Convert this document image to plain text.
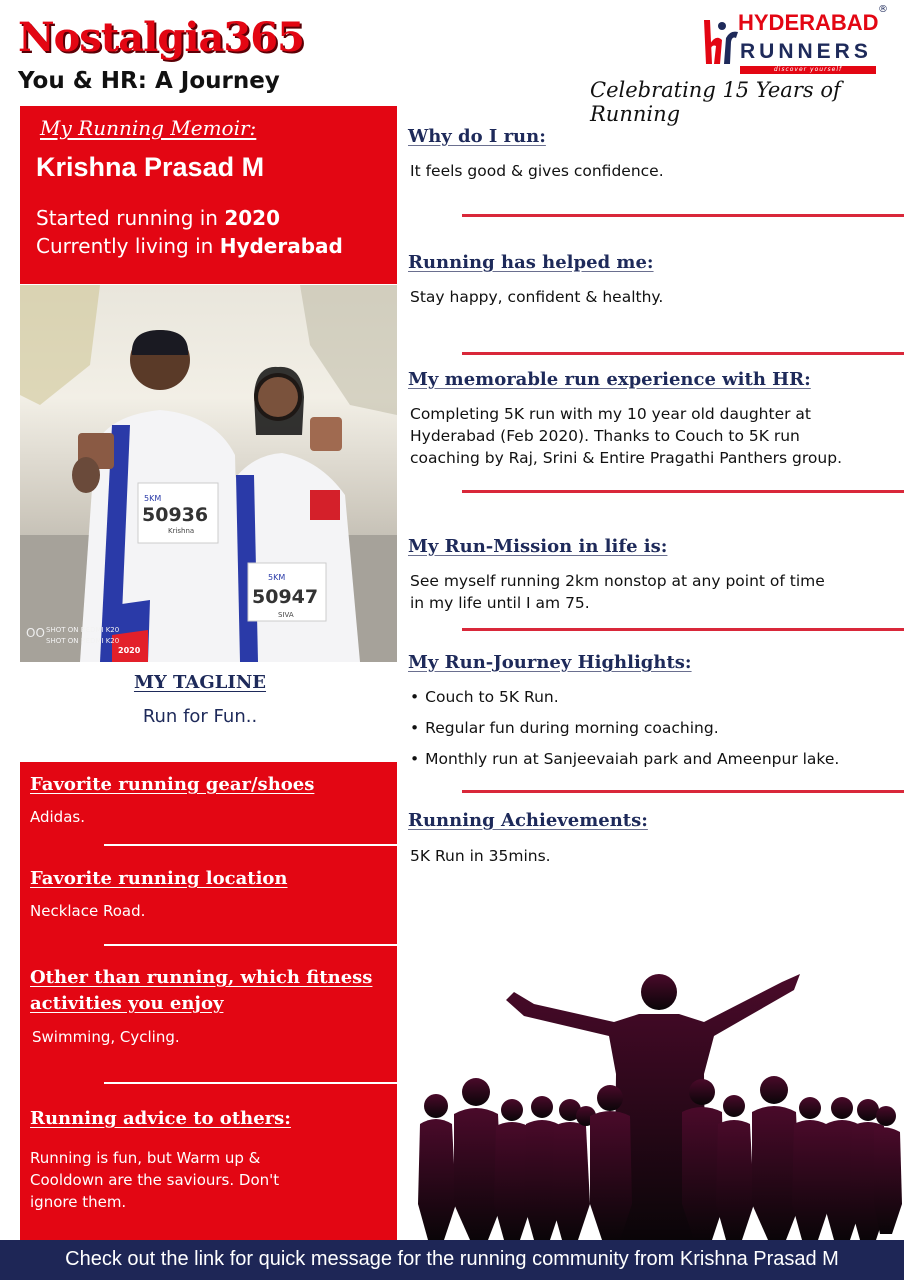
Nostalgia365
You & HR: A Journey
HYDERABAD
®
RUNNERS
discover yourself
Celebrating 15 Years of Running
My Running Memoir:
Krishna Prasad M
Started running in 2020
Currently living in Hyderabad
5KM
50936
Krishna
5KM
50947
SIVA
2020
OO SHOT ON REDMI K20
SHOT ON REDMI K20
MY TAGLINE
Run for Fun..
Favorite running gear/shoes
Adidas.
Favorite running location
Necklace Road.
Other than running, which fitness
activities you enjoy
Swimming, Cycling.
Running advice to others:
Running is fun, but Warm up &
Cooldown are the saviours. Don't
ignore them.
Why do I run:
It feels good & gives confidence.
Running has helped me:
Stay happy, confident & healthy.
My memorable run experience with HR:
Completing 5K run with my 10 year old daughter at
Hyderabad (Feb 2020). Thanks to Couch to 5K run
coaching by Raj, Srini & Entire Pragathi Panthers group.
My Run-Mission in life is:
See myself running 2km nonstop at any point of time
in my life until I am 75.
My Run-Journey Highlights:
• Couch to 5K Run.
• Regular fun during morning coaching.
• Monthly run at Sanjeevaiah park and Ameenpur lake.
Running Achievements:
5K Run in 35mins.
Check out the link for quick message for the running community from Krishna Prasad M
